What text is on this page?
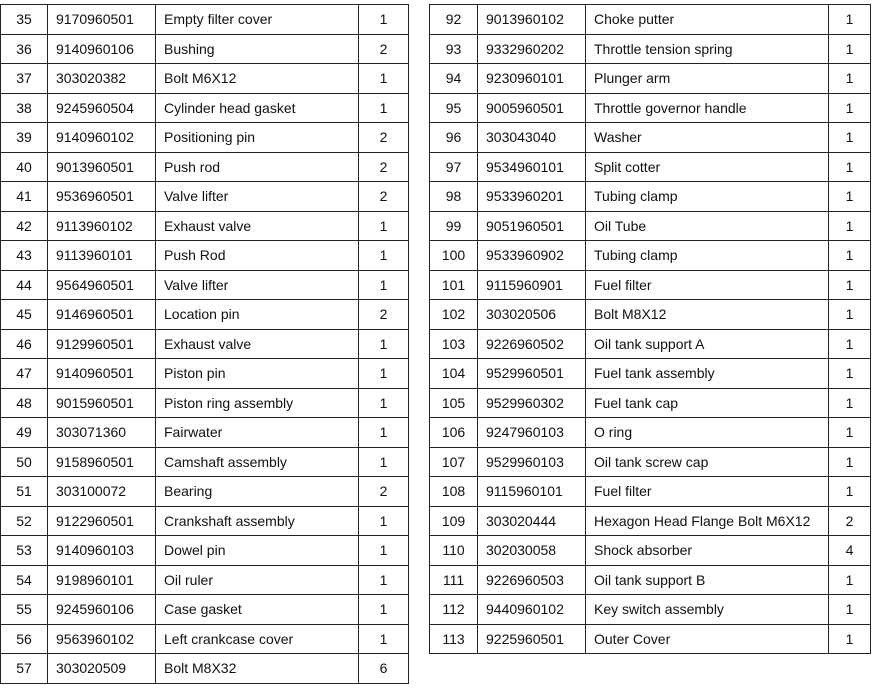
35	9170960501	Empty filter cover	1
36	9140960106	Bushing	2
37	303020382	Bolt M6X12	1
38	9245960504	Cylinder head gasket	1
39	9140960102	Positioning pin	2
40	9013960501	Push rod	2
41	9536960501	Valve lifter	2
42	9113960102	Exhaust valve	1
43	9113960101	Push Rod	1
44	9564960501	Valve lifter	1
45	9146960501	Location pin	2
46	9129960501	Exhaust valve	1
47	9140960501	Piston pin	1
48	9015960501	Piston ring assembly	1
49	303071360	Fairwater	1
50	9158960501	Camshaft assembly	1
51	303100072	Bearing	2
52	9122960501	Crankshaft assembly	1
53	9140960103	Dowel pin	1
54	9198960101	Oil ruler	1
55	9245960106	Case gasket	1
56	9563960102	Left crankcase cover	1
57	303020509	Bolt M8X32	6
92	9013960102	Choke putter	1
93	9332960202	Throttle tension spring	1
94	9230960101	Plunger arm	1
95	9005960501	Throttle governor handle	1
96	303043040	Washer	1
97	9534960101	Split cotter	1
98	9533960201	Tubing clamp	1
99	9051960501	Oil Tube	1
100	9533960902	Tubing clamp	1
101	9115960901	Fuel filter	1
102	303020506	Bolt M8X12	1
103	9226960502	Oil tank support A	1
104	9529960501	Fuel tank assembly	1
105	9529960302	Fuel tank cap	1
106	9247960103	O ring	1
107	9529960103	Oil tank screw cap	1
108	9115960101	Fuel filter	1
109	303020444	Hexagon Head Flange Bolt M6X12	2
110	302030058	Shock absorber	4
111	9226960503	Oil tank support B	1
112	9440960102	Key switch assembly	1
113	9225960501	Outer Cover	1
